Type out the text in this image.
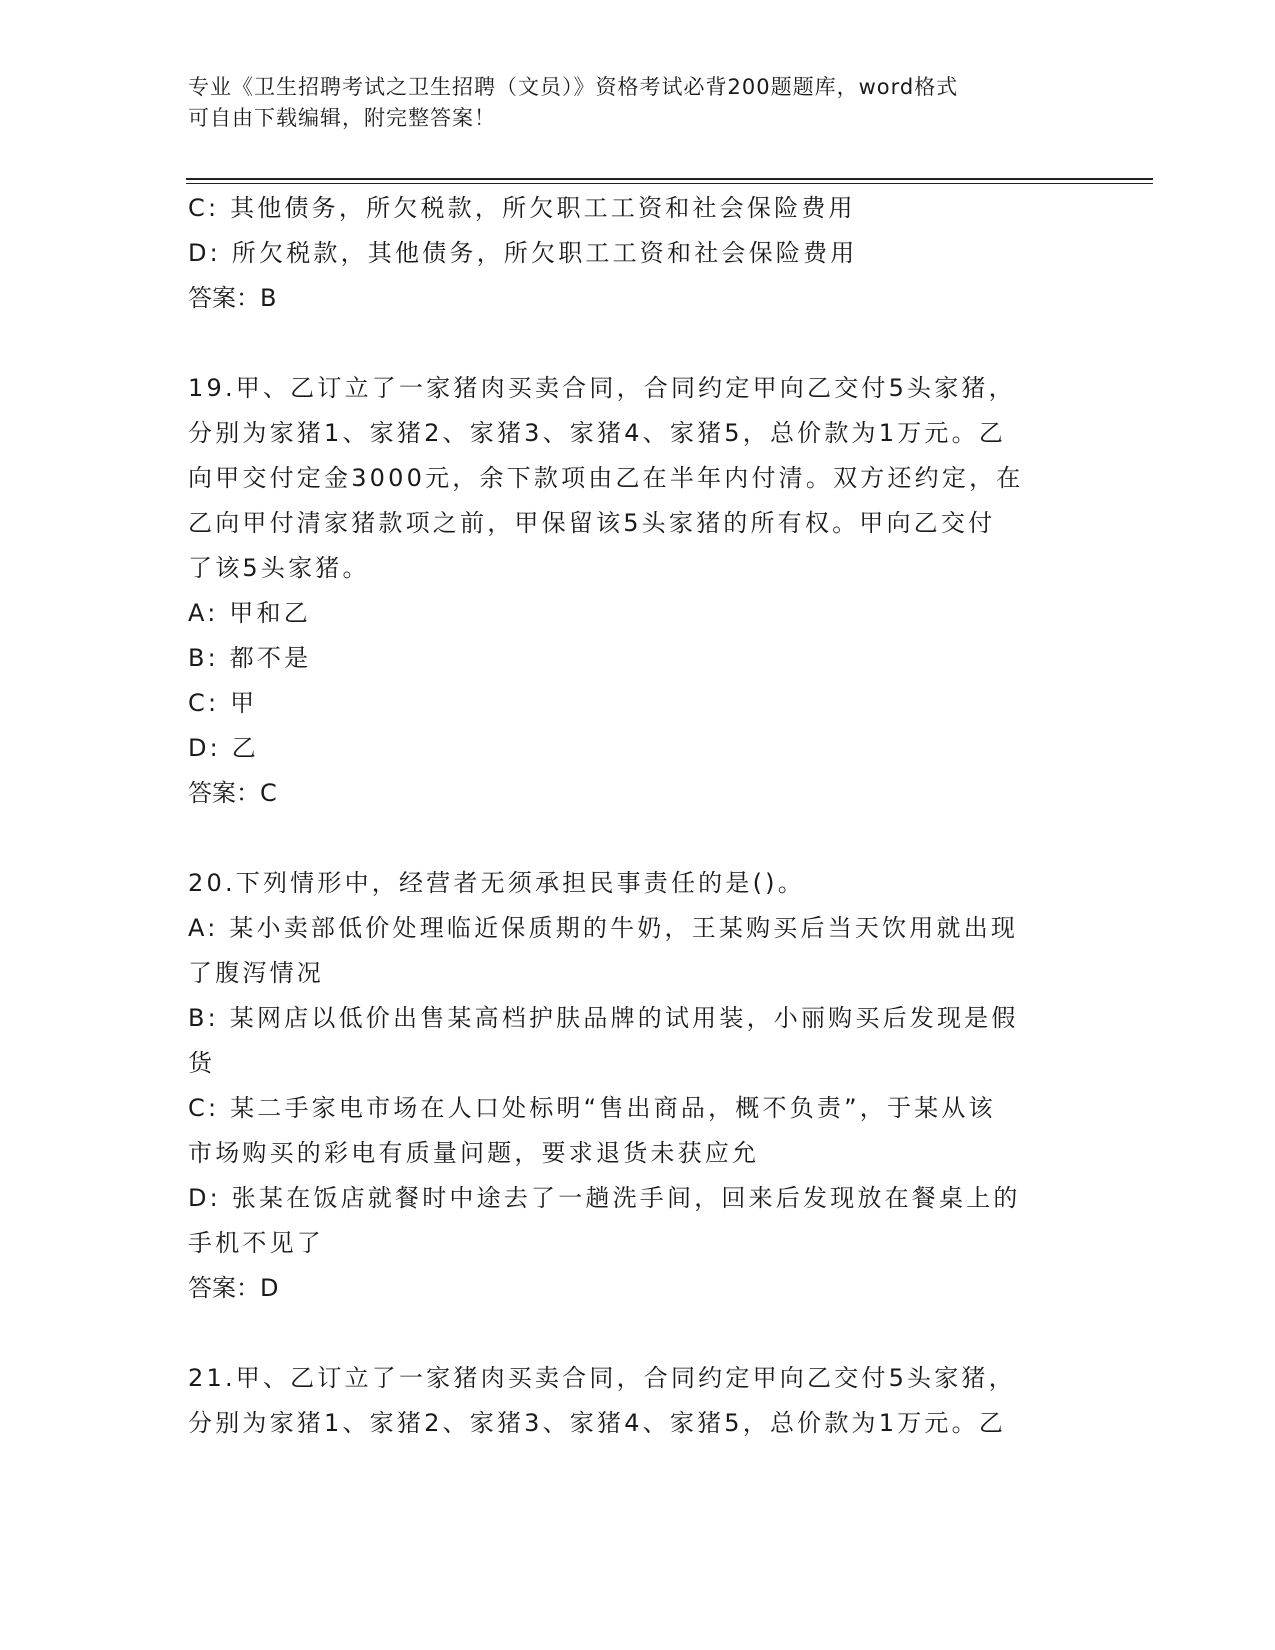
专业《卫生招聘考试之卫生招聘（文员）》资格考试必背200题题库，word格式
可自由下载编辑，附完整答案！
C: 其他债务，所欠税款，所欠职工工资和社会保险费用
D: 所欠税款，其他债务，所欠职工工资和社会保险费用
答案：B
19.甲、乙订立了一家猪肉买卖合同，合同约定甲向乙交付5头家猪，
分别为家猪1、家猪2、家猪3、家猪4、家猪5，总价款为1万元。乙
向甲交付定金3000元，余下款项由乙在半年内付清。双方还约定，在
乙向甲付清家猪款项之前，甲保留该5头家猪的所有权。甲向乙交付
了该5头家猪。
A: 甲和乙
B: 都不是
C: 甲
D: 乙
答案：C
20.下列情形中，经营者无须承担民事责任的是()。
A: 某小卖部低价处理临近保质期的牛奶，王某购买后当天饮用就出现
了腹泻情况
B: 某网店以低价出售某高档护肤品牌的试用装，小丽购买后发现是假
货
C: 某二手家电市场在人口处标明“售出商品，概不负责”，于某从该
市场购买的彩电有质量问题，要求退货未获应允
D: 张某在饭店就餐时中途去了一趟洗手间，回来后发现放在餐桌上的
手机不见了
答案：D
21.甲、乙订立了一家猪肉买卖合同，合同约定甲向乙交付5头家猪，
分别为家猪1、家猪2、家猪3、家猪4、家猪5，总价款为1万元。乙
